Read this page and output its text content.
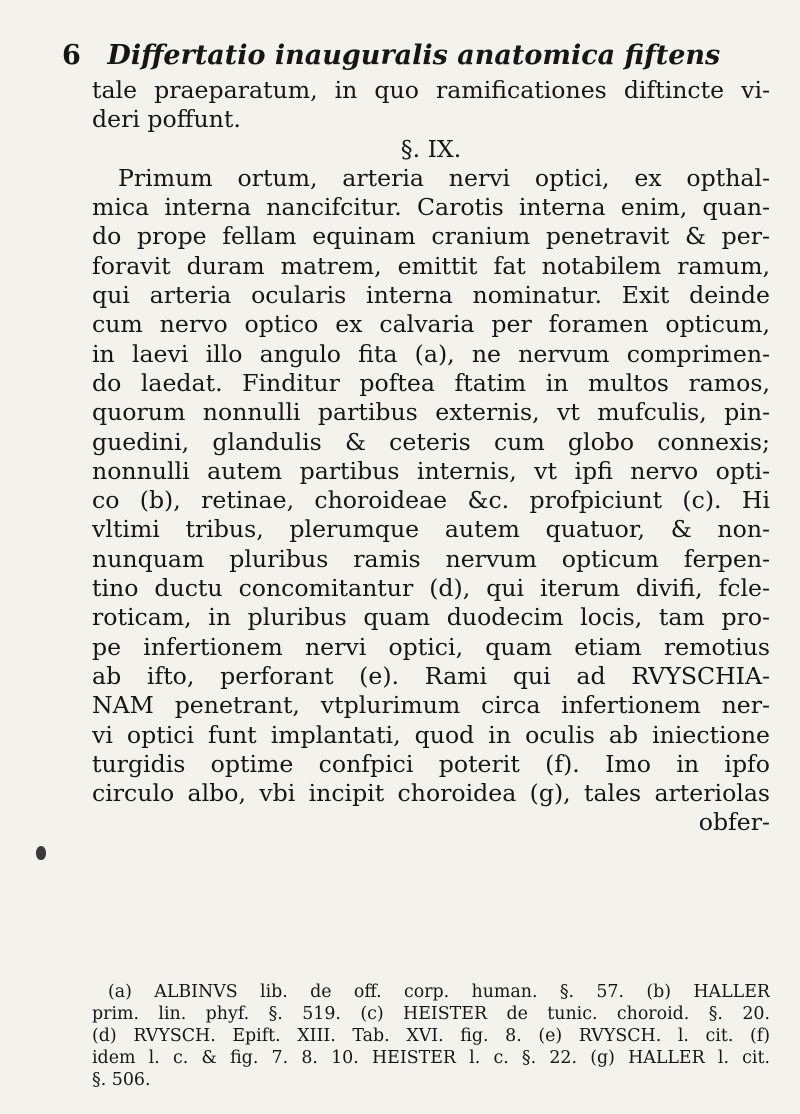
6 Differtatio inauguralis anatomica fiftens
tale praeparatum, in quo ramificationes diftincte vi-
deri poffunt.
§. IX.
Primum ortum, arteria nervi optici, ex opthal-
mica interna nancifcitur. Carotis interna enim, quan-
do prope fellam equinam cranium penetravit & per-
foravit duram matrem, emittit fat notabilem ramum,
qui arteria ocularis interna nominatur. Exit deinde
cum nervo optico ex calvaria per foramen opticum,
in laevi illo angulo fita (a), ne nervum comprimen-
do laedat. Finditur poftea ftatim in multos ramos,
quorum nonnulli partibus externis, vt mufculis, pin-
guedini, glandulis & ceteris cum globo connexis;
nonnulli autem partibus internis, vt ipfi nervo opti-
co (b), retinae, choroideae &c. profpiciunt (c). Hi
vltimi tribus, plerumque autem quatuor, & non-
nunquam pluribus ramis nervum opticum ferpen-
tino ductu concomitantur (d), qui iterum divifi, fcle-
roticam, in pluribus quam duodecim locis, tam pro-
pe infertionem nervi optici, quam etiam remotius
ab ifto, perforant (e). Rami qui ad RVYSCHIA-
NAM penetrant, vtplurimum circa infertionem ner-
vi optici funt implantati, quod in oculis ab iniectione
turgidis optime confpici poterit (f). Imo in ipfo
circulo albo, vbi incipit choroidea (g), tales arteriolas
obfer-
(a) ALBINVS lib. de off. corp. human. §. 57. (b) HALLER
prim. lin. phyf. §. 519. (c) HEISTER de tunic. choroid. §. 20.
(d) RVYSCH. Epift. XIII. Tab. XVI. fig. 8. (e) RVYSCH. l. cit. (f)
idem l. c. & fig. 7. 8. 10. HEISTER l. c. §. 22. (g) HALLER l. cit.
§. 506.
